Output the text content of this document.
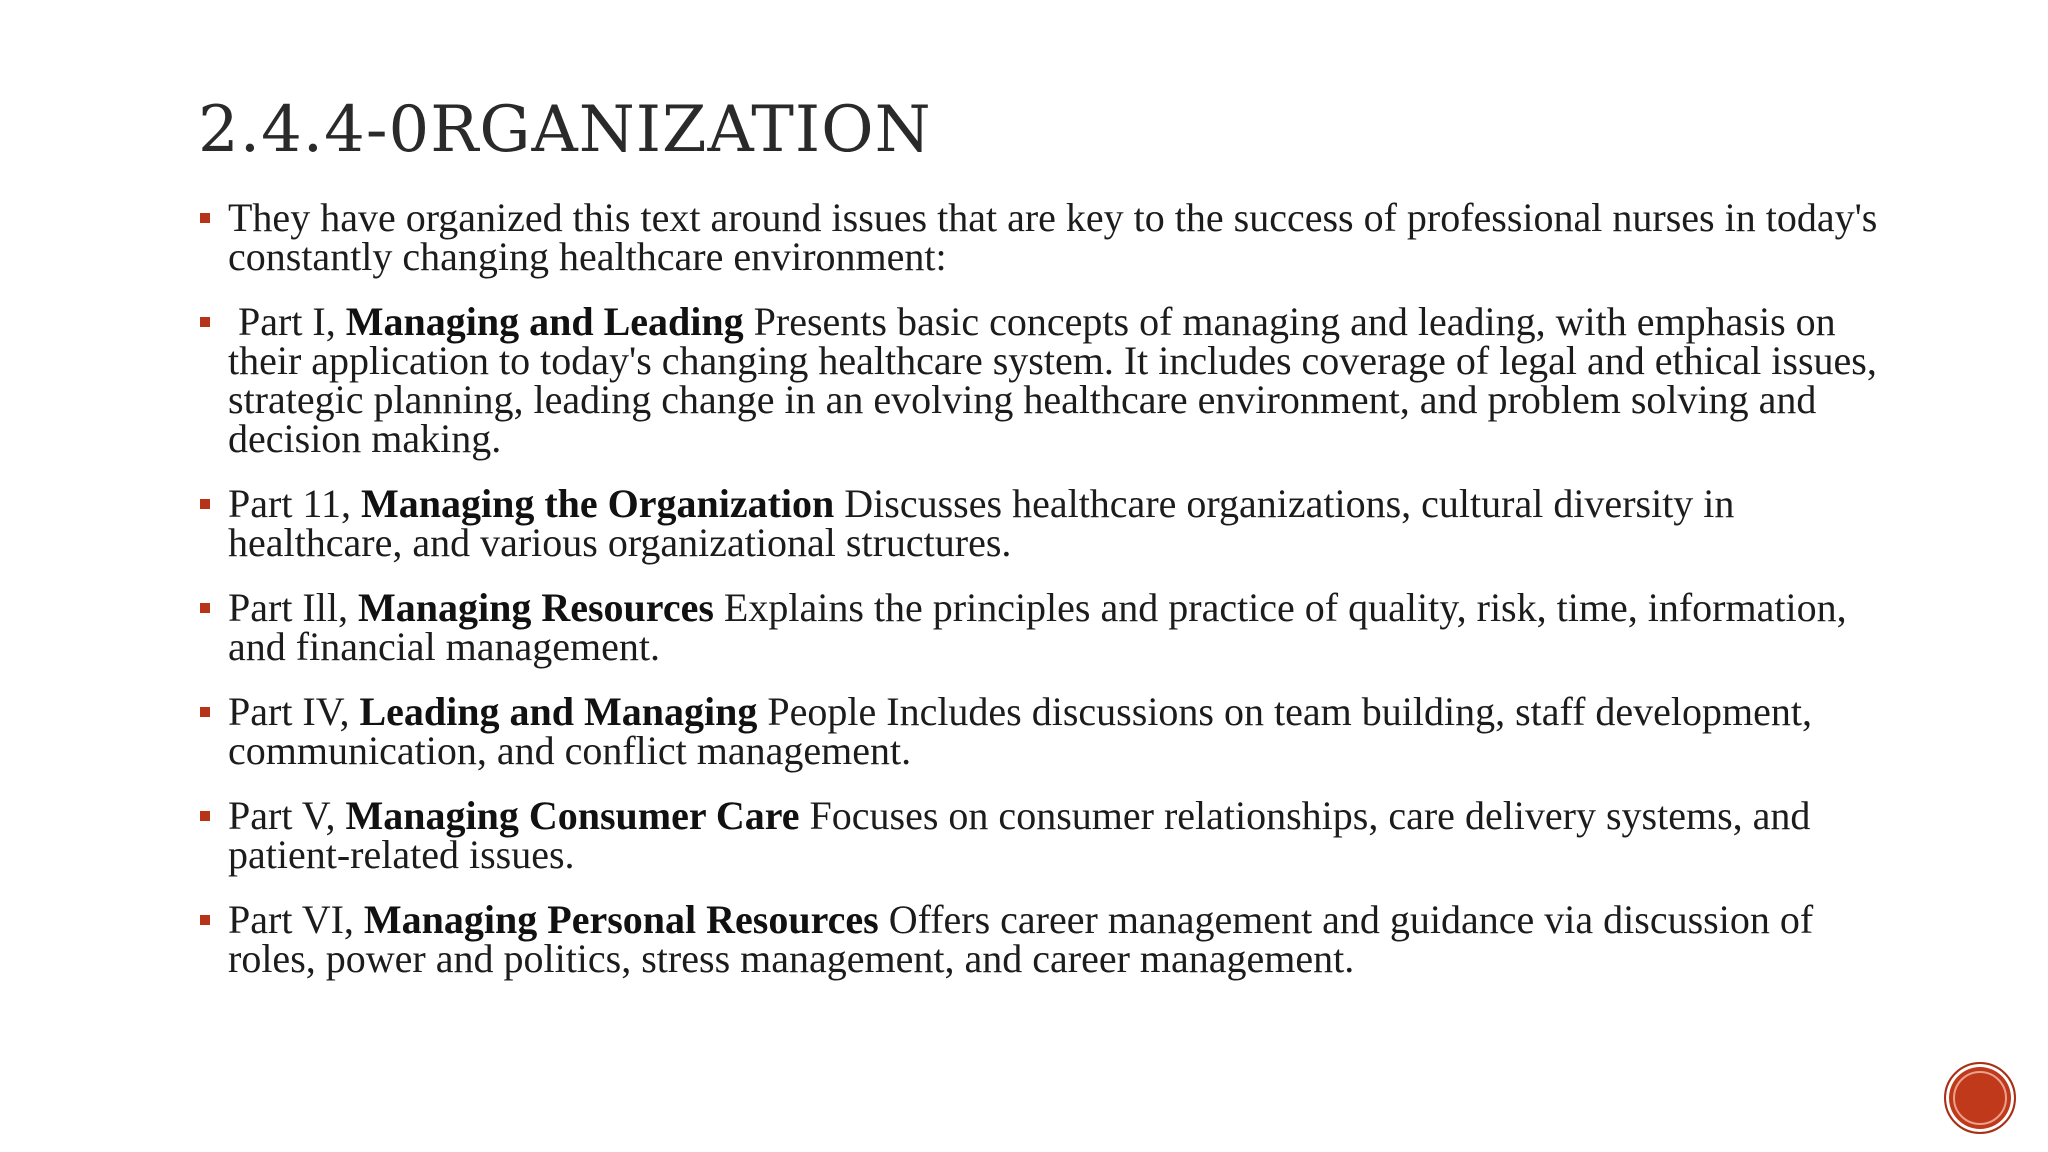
2.4.4-0RGANIZATION
They have organized this text around issues that are key to the success of professional nurses in today's constantly changing healthcare environment:
Part I, Managing and Leading Presents basic concepts of managing and leading, with emphasis on their application to today's changing healthcare system. It includes coverage of legal and ethical issues, strategic planning, leading change in an evolving healthcare environment, and problem solving and decision making.
Part 11, Managing the Organization Discusses healthcare organizations, cultural diversity in healthcare, and various organizational structures.
Part Ill, Managing Resources Explains the principles and practice of quality, risk, time, information, and financial management.
Part IV, Leading and Managing People Includes discussions on team building, staff development, communication, and conflict management.
Part V, Managing Consumer Care Focuses on consumer relationships, care delivery systems, and patient-related issues.
Part VI, Managing Personal Resources Offers career management and guidance via discussion of roles, power and politics, stress management, and career management.
